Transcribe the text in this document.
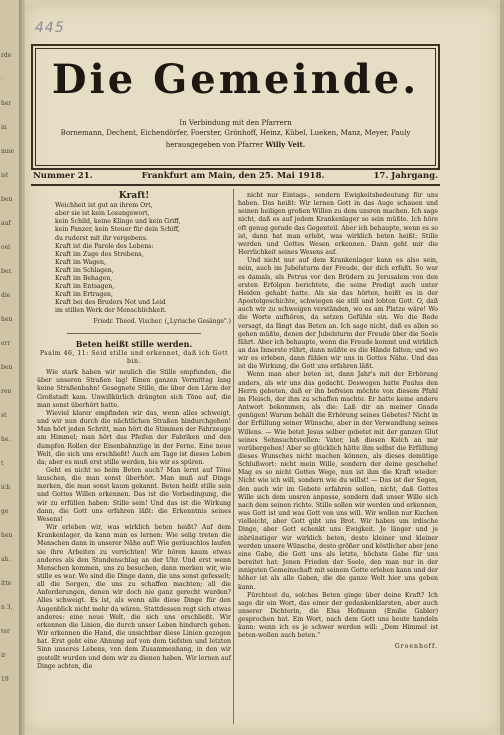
rde
·
her
in
mne
ist
ben
auf
oel
ber.
die
hen
err
ben
ren
st
he.
t
ich
ge
hen
ab.
itte
n 3,
ter
ir
19
445
Die Gemeinde.
In Verbindung mit den Pfarrern
Bornemann, Dechent, Eichendörfer, Foerster, Grönhoff, Heinz, Kübel, Lueken, Manz, Meyer, Pauly
herausgegeben von Pfarrer Willy Veit.
Nummer 21.	Frankfurt am Main, den 25. Mai 1918.	17. Jahrgang.
Kraft!
Weichheit ist gut an ihrem Ort,
aber sie ist kein Losungswort,
kein Schild, keine Klinge und kein Griff,
kein Panzer, kein Steuer für dein Schiff,
du ruderst mit ihr vergebens.
Kraft ist die Parole des Lebens:
Kraft im Zuge des Strebens,
Kraft im Wagen,
Kraft im Schlagen,
Kraft im Behagen,
Kraft im Entsagen,
Kraft im Ertragen,
Kraft bei des Bruders Not und Leid
im stillen Werk der Menschlichkeit.
Friedr. Theod. Vischer. („Lyrische Gesänge".)
Beten heißt stille werden.
Psalm 46, 11: Seid stille und erkennet, daß ich Gott bin.
Wie stark haben wir neulich die Stille empfunden, die über unseren Straßen lag! Einen ganzen Vormittag lang keine Straßenbahn! Gesegnete Stille, die über den Lärm der Großstadt kam. Unwillkürlich drängten sich Töne auf, die man sonst überhört hatte.
Wieviel klarer empfinden wir das, wenn alles schweigt, und wir nun durch die nächtlichen Straßen hindurchgehen! Man hört jeden Schritt, man hört die Stimmen der Fahrzeuge am Himmel; man hört das Pfeifen der Fabriken und den dumpfen Rollen der Eisenbahnzüge in der Ferne. Eine neue Welt, die sich uns erschließt! Auch am Tage ist dieses Leben da; aber es muß erst stille werden, bis wir es spüren.
Geht es nicht so beim Beten auch? Man lernt auf Töne lauschen, die man sonst überhört. Man muß auf Dinge merken, die man sonst kaum gekannt. Beten heißt stille sein und Gottes Willen erkennen. Das ist die Vorbedingung, die wir zu erfüllen haben: Stille sein! Und das ist die Wirkung dann, die Gott uns erfahren läßt: die Erkenntnis seines Wesens!
Wir erleben wir, was wirklich beten heißt? Auf dem Krankenlager, da kann man es lernen: Wie selig treten die Menschen dann in unserer Nähe auf! Wie geräuschlos laufen sie ihre Arbeiten zu verrichten! Wir hören kaum etwas anderes als den Stundenschlag an der Uhr. Und erst wenn Menschen kommen, uns zu besuchen, dann merken wir, wie stille es war. Wo sind die Dinge dann, die uns sonst gefesselt; all die Sorgen, die uns zu schaffen machten; all die Anforderungen, denen wir doch nie ganz gerecht wurden? Alles schweigt. Es ist, als wenn alle diese Dinge für den Augenblick nicht mehr da wären. Stattdessen regt sich etwas anderes: eine neue Welt, die sich uns erschließt. Wir erkennen die Linien, die durch unser Leben hindurch gehen. Wir erkennen die Hand, die unsichtbar diese Linien gezogen hat. Erst geht eine Ahnung auf von dem tiefsten und letzten Sinn unseres Lebens, von dem Zusammenhang, in den wir gestellt wurden und dem wir zu dienen haben. Wir lernen auf Dinge achten, die
nicht nur Eintags-, sondern Ewigkeitsbedeutung für uns haben. Das heißt: Wir lernen Gott in das Auge schauen und seinen heiligen großen Willen zu dem unsren machen. Ich sage nicht, daß es auf jedem Krankenlager so sein müßte. Ich höre oft genug gerade das Gegenteil. Aber ich behaupte, wenn es so ist, dann hat man erlebt, was wirklich beten heißt: Stille werden und Gottes Wesen erkennen. Dann geht mir die Herrlichkeit seines Wesens auf.
Und nicht nur auf dem Krankenlager kann es also sein, nein, auch im Jubelsturm der Freude, der dich erfaßt. So war es damals, als Petrus vor den Brüdern zu Jerusalem von den ersten Erfolgen berichtete, die seine Predigt auch unter Heiden gehabt hatte. Als sie das hörten, heißt es in der Apostelgeschichte, schwiegen sie still und lobten Gott. O, daß auch wir zu schweigen verständen, wo es am Platze wäre! Wo die Worte aufhören, da setzen Gefühle ein. Wo die Rede versagt, da fängt das Beten an. Ich sage nicht, daß es allen so gehen müßte, denen der Jubelsturm der Freude über die Seele fährt. Aber ich behaupte, wenn die Freude kommt und wirklich an das Innerste rührt, dann müßte es die Hände falten; und wo wir es erleben, dann fühlen wir uns in Gottes Nähe. Und das ist die Wirkung, die Gott uns erfahren läßt.
Wenn man aber beten ist, dann Jahr's mit der Erhörung anders, als wir uns das gedacht. Deswegen hatte Paulus den Herrn gebeten, daß er ihn befreien möchte von diesem Pfahl im Fleisch, der ihm zu schaffen machte. Er hatte keine andere Antwort bekommen, als die: Laß dir an meiner Gnade genügen! Warum behält die Erhörung seines Gebetes? Nicht in der Erfüllung seiner Wünsche, aber in der Verwandlung seines Willens. — Wie betet Jesus selber gebetet mit der ganzen Glut seines Sehnsuchtsvollen: Vater, laß diesen Kelch an mir vorübergehen! Aber so glücklich hätte ihm selbst die Erfüllung dieses Wunsches nicht machen können, als dieses demütige Schlußwort: nicht mein Wille, sondern der deine geschehe! Mag es so nicht Gottes Wege, nun ist ihm die Kraft wieder: Nicht wie ich will, sondern wie du willst! — Das ist der Segen, den auch wir im Gebete erfahren sollen, nicht, daß Gottes Wille sich dem unsren anpasse, sondern daß unser Wille sich nach dem seinen richte. Stille sollen wir werden und erkennen, was Gott ist und was Gott von uns will. Wir wollen nur Kuchen vielleicht, aber Gott gibt uns Brot. Wir haben um irdische Dinge, aber Gott schenkt uns Ewigkeit. Je länger und je inbrünstiger wir wirklich beten, desto kleiner und kleiner werden unsere Wünsche, desto größer und köstlicher aber jene eine Gabe, die Gott uns als letzte, höchste Gabe für uns bereitet hat: Jenen Frieden der Seele, den man nur in der innigsten Gemeinschaft mit seinem Gotte erleben kann und der höher ist als alle Gaben, die die ganze Welt hier uns geben kann.
Fürchtest du, solches Beten ginge über deine Kraft? Ich sage dir ein Wort, das einer der gedankenklarsten, aber auch unserer Dichterin, die Elsa Hofmann (Emilie Gabler) gesprochen hat. Ein Wort, nach dem Gott uns heute handeln kann: wenn ich es je schwer werden will: „Dem Himmel ist beten-wollen auch beten."
Groenhoff.
